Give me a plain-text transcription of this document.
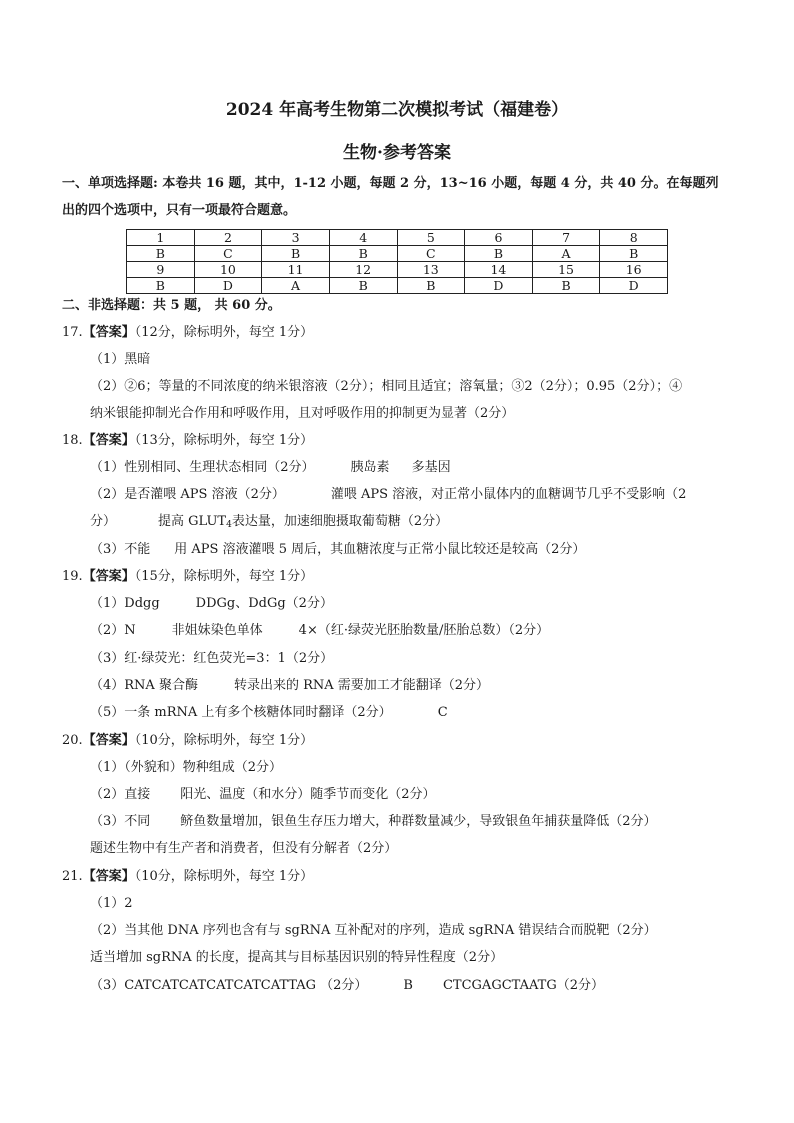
2024 年高考生物第二次模拟考试（福建卷）
生物·参考答案
一、单项选择题: 本卷共 16 题，其中，1-12 小题，每题 2 分，13~16 小题，每题 4 分，共 40 分。在每题列
出的四个选项中，只有一项最符合题意。
1	2	3	4	5	6	7	8
B	C	B	B	C	B	A	B
9	10	11	12	13	14	15	16
B	D	A	B	B	D	B	D
二、非选择题：共 5 题， 共 60 分。
17.【答案】（12分，除标明外，每空 1分）
（1）黑暗
（2）②6；等量的不同浓度的纳米银溶液（2分）；相同且适宜；溶氧量；③2（2分）；0.95（2分）；④
纳米银能抑制光合作用和呼吸作用，且对呼吸作用的抑制更为显著（2分）
18.【答案】（13分，除标明外，每空 1分）
（1）性别相同、生理状态相同（2分）	胰岛素 多基因
（2）是否灌喂 APS 溶液（2分）	灌喂 APS 溶液，对正常小鼠体内的血糖调节几乎不受影响（2
分）	提高 $GLUT_4$表达量，加速细胞摄取葡萄糖（2分）
（3）不能 用 APS 溶液灌喂 5 周后，其血糖浓度与正常小鼠比较还是较高（2分）
19.【答案】（15分，除标明外，每空 1分）
（1）Ddgg	DDGg、DdGg（2分）
（2）N	非姐妹染色单体	4×（红·绿荧光胚胎数量/胚胎总数）（2分）
（3）红·绿荧光：红色荧光=3：1（2分）
（4）RNA 聚合酶	转录出来的 RNA 需要加工才能翻译（2分）
（5）一条 mRNA 上有多个核糖体同时翻译（2分）	C
20.【答案】（10分，除标明外，每空 1分）
（1）（外貌和）物种组成（2分）
（2）直接 阳光、温度（和水分）随季节而变化（2分）
（3）不同 鲚鱼数量增加，银鱼生存压力增大，种群数量减少，导致银鱼年捕获量降低（2分）
题述生物中有生产者和消费者，但没有分解者（2分）
21.【答案】（10分，除标明外，每空 1分）
（1）2
（2）当其他 DNA 序列也含有与 sgRNA 互补配对的序列，造成 sgRNA 错误结合而脱靶（2分）
适当增加 sgRNA 的长度，提高其与目标基因识别的特异性程度（2分）
（3）CATCATCATCATCATCATTAG （2分）	B CTCGAGCTAATG（2分）
